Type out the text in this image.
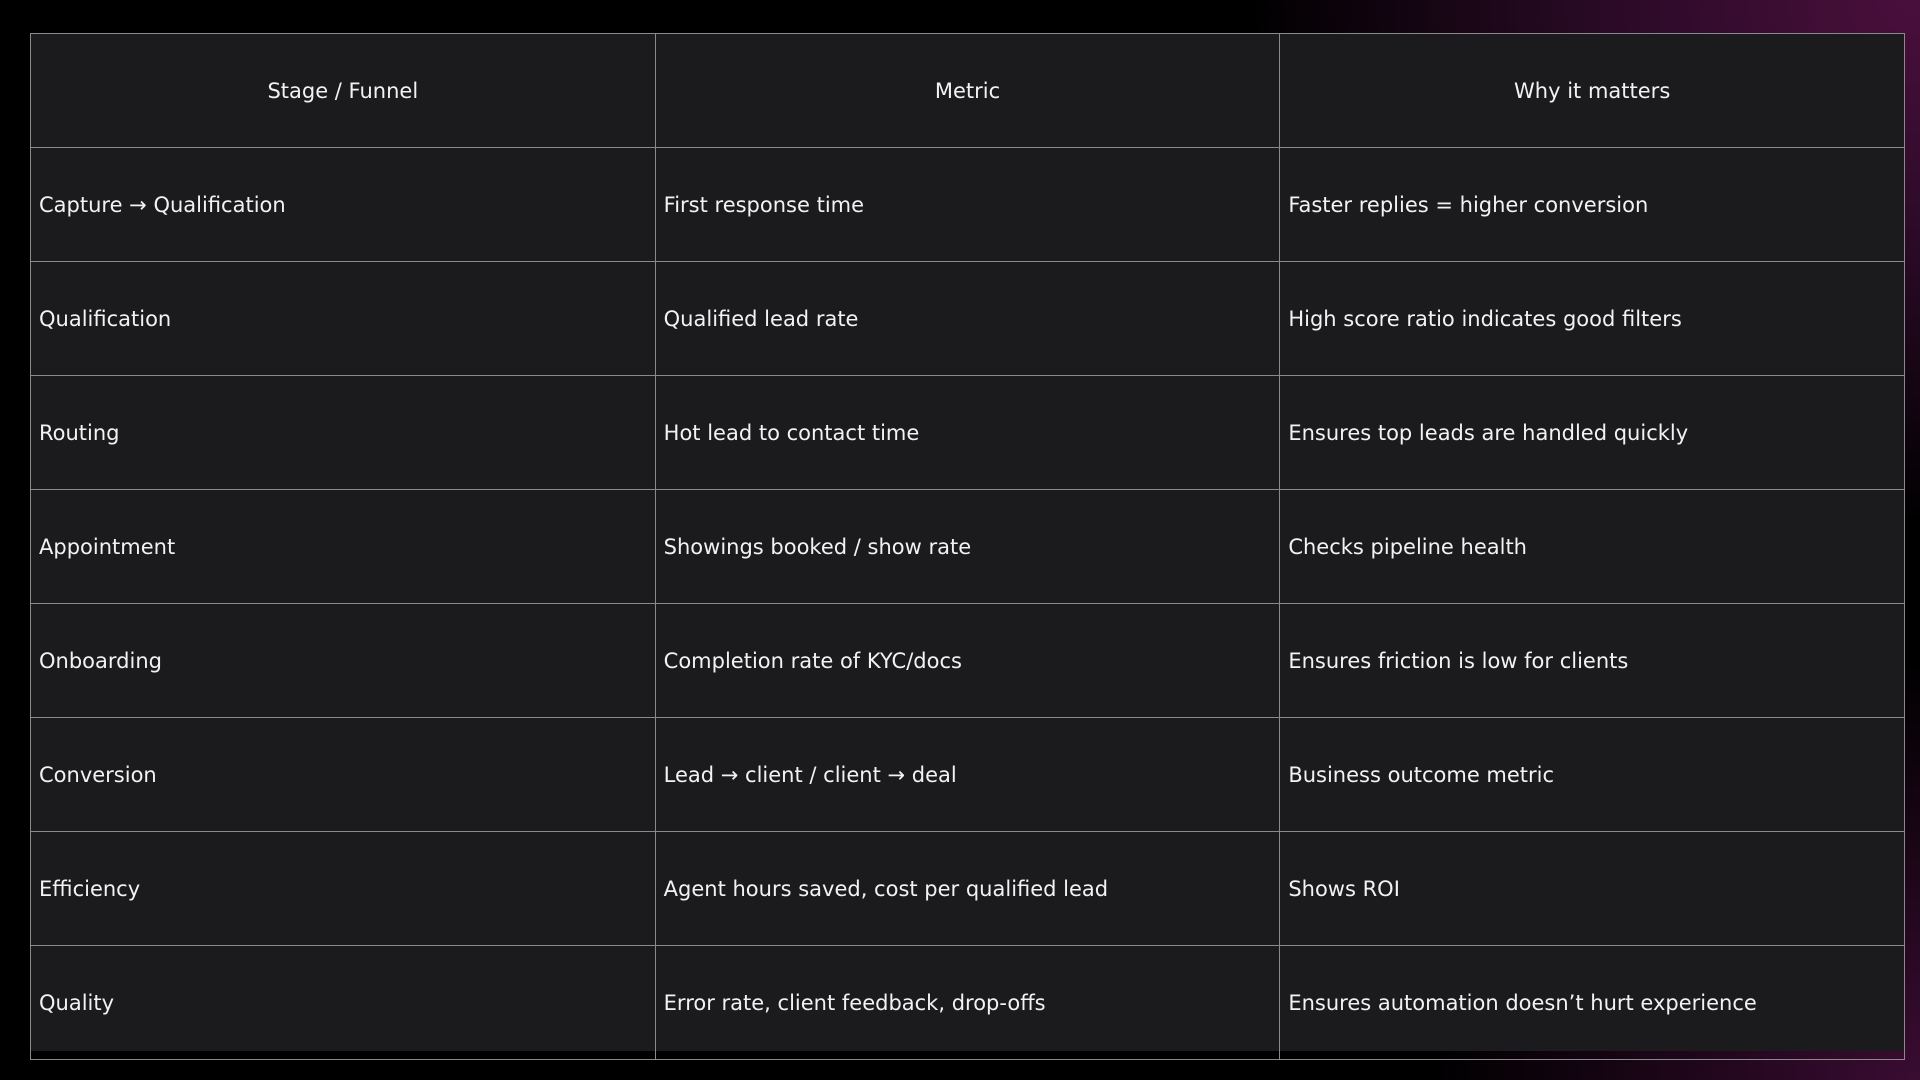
Stage / Funnel	Metric	Why it matters
Capture → Qualification	First response time	Faster replies = higher conversion
Qualification	Qualified lead rate	High score ratio indicates good filters
Routing	Hot lead to contact time	Ensures top leads are handled quickly
Appointment	Showings booked / show rate	Checks pipeline health
Onboarding	Completion rate of KYC/docs	Ensures friction is low for clients
Conversion	Lead → client / client → deal	Business outcome metric
Efficiency	Agent hours saved, cost per qualified lead	Shows ROI
Quality	Error rate, client feedback, drop-offs	Ensures automation doesn’t hurt experience
